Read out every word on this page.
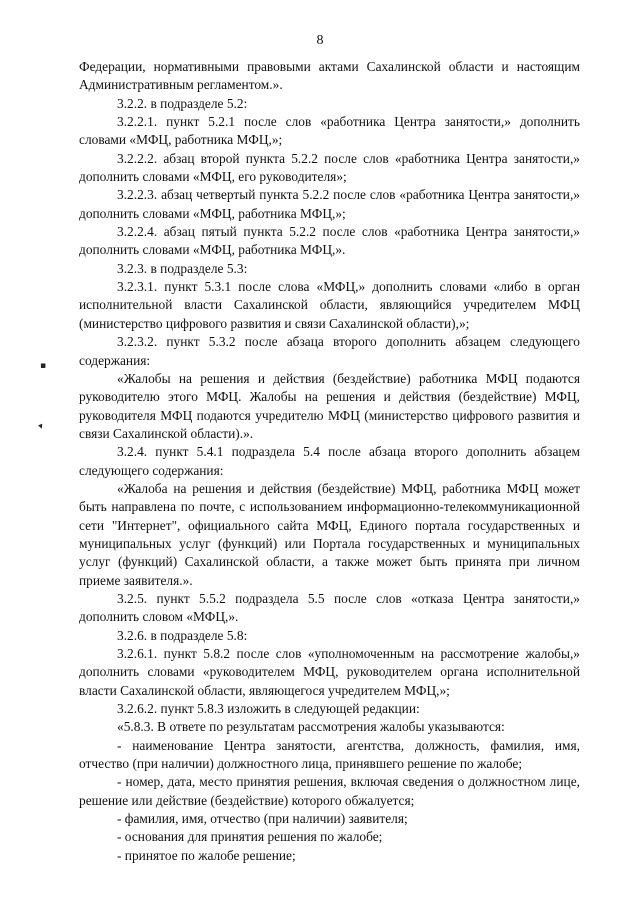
8
▪
▾

Федерации, нормативными правовыми актами Сахалинской области и настоящим Административным регламентом.».

3.2.2. в подразделе 5.2:

3.2.2.1. пункт 5.2.1 после слов «работника Центра занятости,» дополнить словами «МФЦ, работника МФЦ,»;

3.2.2.2. абзац второй пункта 5.2.2 после слов «работника Центра занятости,» дополнить словами «МФЦ, его руководителя»;

3.2.2.3. абзац четвертый пункта 5.2.2 после слов «работника Центра занятости,» дополнить словами «МФЦ, работника МФЦ,»;

3.2.2.4. абзац пятый пункта 5.2.2 после слов «работника Центра занятости,» дополнить словами «МФЦ, работника МФЦ,».

3.2.3. в подразделе 5.3:

3.2.3.1. пункт 5.3.1 после слова «МФЦ,» дополнить словами «либо в орган исполнительной власти Сахалинской области, являющийся учредителем МФЦ (министерство цифрового развития и связи Сахалинской области),»;

3.2.3.2. пункт 5.3.2 после абзаца второго дополнить абзацем следующего содержания:

«Жалобы на решения и действия (бездействие) работника МФЦ подаются руководителю этого МФЦ. Жалобы на решения и действия (бездействие) МФЦ, руководителя МФЦ подаются учредителю МФЦ (министерство цифрового развития и связи Сахалинской области).».

3.2.4. пункт 5.4.1 подраздела 5.4 после абзаца второго дополнить абзацем следующего содержания:

«Жалоба на решения и действия (бездействие) МФЦ, работника МФЦ может быть направлена по почте, с использованием информационно-телекоммуникационной сети "Интернет", официального сайта МФЦ, Единого портала государственных и муниципальных услуг (функций) или Портала государственных и муниципальных услуг (функций) Сахалинской области, а также может быть принята при личном приеме заявителя.».

3.2.5. пункт 5.5.2 подраздела 5.5 после слов «отказа Центра занятости,» дополнить словом «МФЦ,».

3.2.6. в подразделе 5.8:

3.2.6.1. пункт 5.8.2 после слов «уполномоченным на рассмотрение жалобы,» дополнить словами «руководителем МФЦ, руководителем органа исполнительной власти Сахалинской области, являющегося учредителем МФЦ,»;

3.2.6.2. пункт 5.8.3 изложить в следующей редакции:

«5.8.3. В ответе по результатам рассмотрения жалобы указываются:

- наименование Центра занятости, агентства, должность, фамилия, имя, отчество (при наличии) должностного лица, принявшего решение по жалобе;

- номер, дата, место принятия решения, включая сведения о должностном лице, решение или действие (бездействие) которого обжалуется;

- фамилия, имя, отчество (при наличии) заявителя;

- основания для принятия решения по жалобе;

- принятое по жалобе решение;
